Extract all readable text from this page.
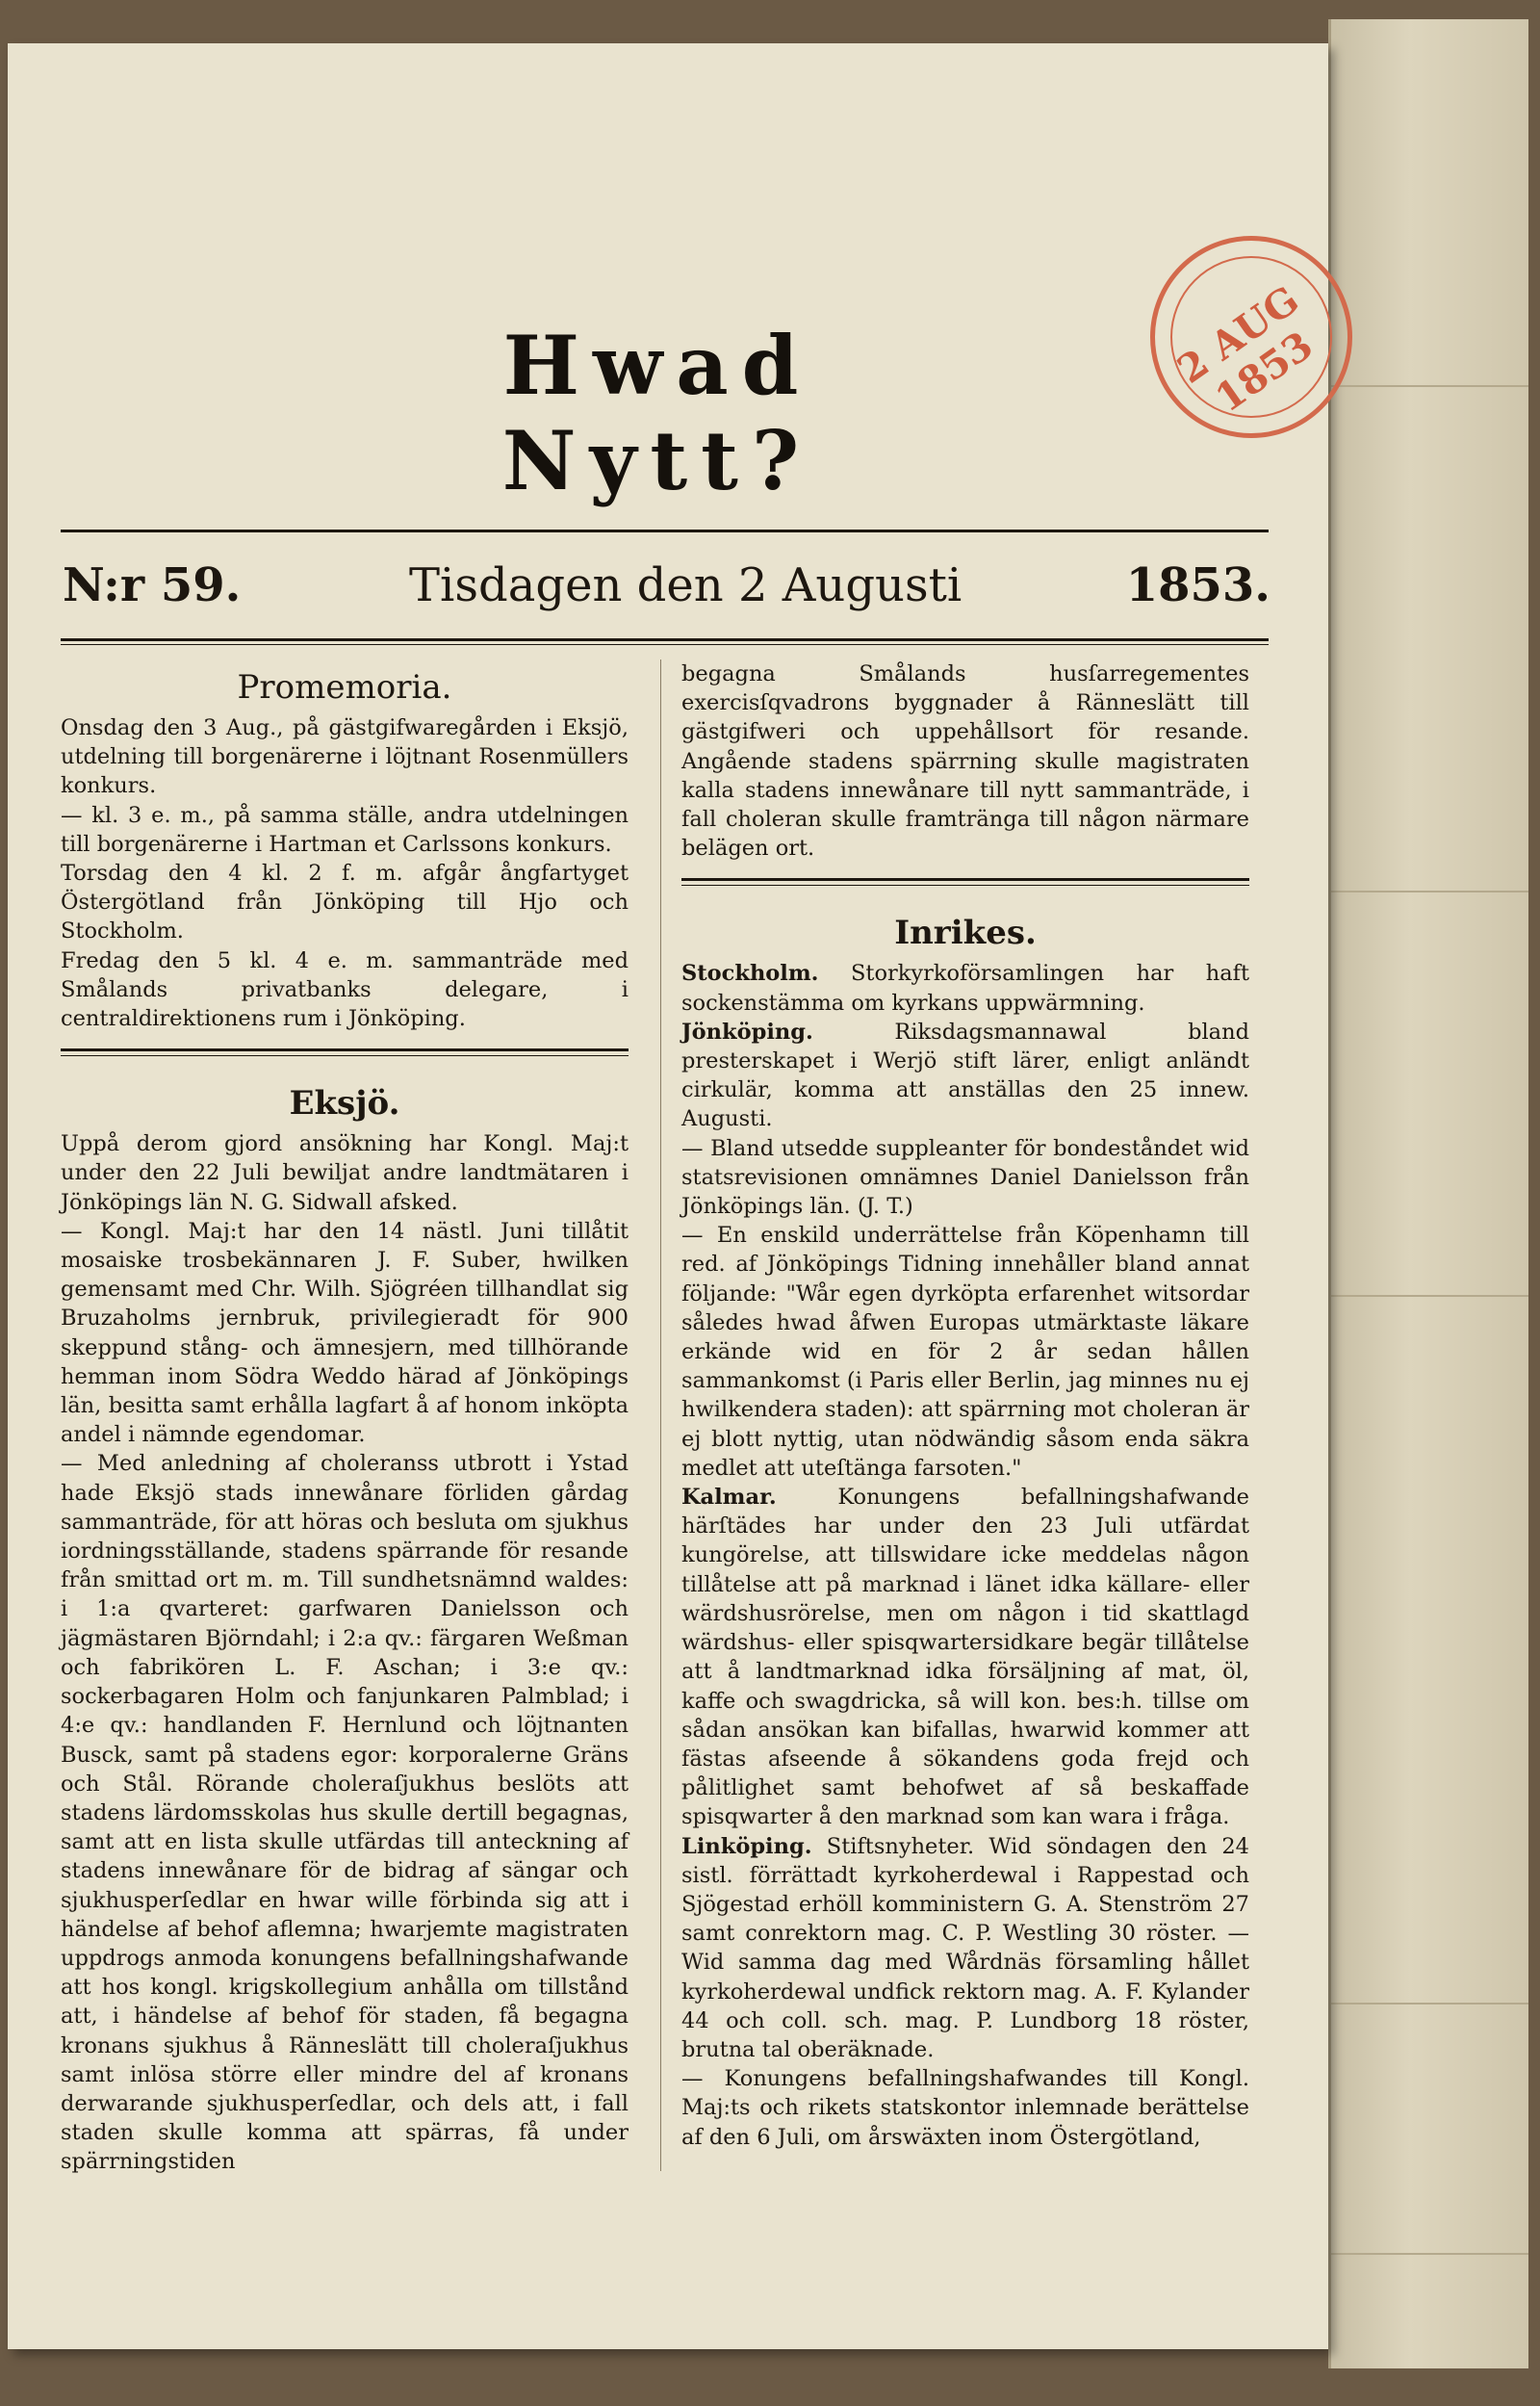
Hwad Nytt?
N:r 59.	Tisdagen den 2 Augusti	1853.
Promemoria.

Onsdag den 3 Aug., på gästgifwaregården i Eksjö, utdelning till borgenärerne i löjtnant Rosenmüllers konkurs.

— kl. 3 e. m., på samma ställe, andra utdelningen till borgenärerne i Hartman et Carlssons konkurs.

Torsdag den 4 kl. 2 f. m. afgår ångfartyget Östergötland från Jönköping till Hjo och Stockholm.

Fredag den 5 kl. 4 e. m. sammanträde med Smålands privatbanks delegare, i centraldirektionens rum i Jönköping.

Eksjö.

Uppå derom gjord ansökning har Kongl. Maj:t under den 22 Juli bewiljat andre landtmätaren i Jönköpings län N. G. Sidwall afsked.

— Kongl. Maj:t har den 14 nästl. Juni tillåtit mosaiske trosbekännaren J. F. Suber, hwilken gemensamt med Chr. Wilh. Sjögréen tillhandlat sig Bruzaholms jernbruk, privilegieradt för 900 skeppund stång- och ämnesjern, med tillhörande hemman inom Södra Weddo härad af Jönköpings län, besitta samt erhålla lagfart å af honom inköpta andel i nämnde egendomar.

— Med anledning af choleranss utbrott i Ystad hade Eksjö stads innewånare förliden gårdag sammanträde, för att höras och besluta om sjukhus iordningsställande, stadens spärrande för resande från smittad ort m. m. Till sundhetsnämnd waldes: i 1:a qvarteret: garfwaren Danielsson och jägmästaren Björndahl; i 2:a qv.: färgaren Weßman och fabrikören L. F. Aschan; i 3:e qv.: sockerbagaren Holm och fanjunkaren Palmblad; i 4:e qv.: handlanden F. Hernlund och löjtnanten Busck, samt på stadens egor: korporalerne Gräns och Stål. Rörande choleraſjukhus beslöts att stadens lärdomsskolas hus skulle dertill begagnas, samt att en lista skulle utfärdas till anteckning af stadens innewånare för de bidrag af sängar och sjukhusperſedlar en hwar wille förbinda sig att i händelse af behof aflemna; hwarjemte magistraten uppdrogs anmoda konungens befallningshafwande att hos kongl. krigskollegium anhålla om tillstånd att, i händelse af behof för staden, få begagna kronans sjukhus å Ränneslätt till choleraſjukhus samt inlösa större eller mindre del af kronans derwarande sjukhusperſedlar, och dels att, i fall staden skulle komma att spärras, få under spärrningstiden

begagna Smålands husſarregementes exercisſqvadrons byggnader å Ränneslätt till gästgifweri och uppehållsort för resande. Angående stadens spärrning skulle magistraten kalla stadens innewånare till nytt sammanträde, i fall choleran skulle framtränga till någon närmare belägen ort.

Inrikes.

Stockholm. Storkyrkoförsamlingen har haft sockenstämma om kyrkans uppwärmning.

Jönköping.	Riksdagsmannawal bland presterskapet i Werjö stift lärer, enligt anländt cirkulär, komma att anställas den 25 innew. Augusti.

— Bland utsedde suppleanter för bondeståndet wid statsrevisionen omnämnes Daniel Danielsson från Jönköpings län. (J. T.)

— En enskild underrättelse från Köpenhamn till red. af Jönköpings Tidning innehåller bland annat följande: "Wår egen dyrköpta erfarenhet witsordar således hwad åfwen Europas utmärktaste läkare erkände wid en för 2 år sedan hållen sammankomst (i Paris eller Berlin, jag minnes nu ej hwilkendera staden): att spärrning mot choleran är ej blott nyttig, utan nödwändig såsom enda säkra medlet att uteſtänga farsoten."

Kalmar.	Konungens befallningshafwande härſtädes har under den 23 Juli utfärdat kungörelse, att tillswidare icke meddelas någon tillåtelse att på marknad i länet idka källare- eller wärdshusrörelse, men om någon i tid skattlagd wärdshus- eller spisqwartersidkare begär tillåtelse att å landtmarknad idka försäljning af mat, öl, kaffe och swagdricka, så will kon. bes:h. tillse om sådan ansökan kan bifallas, hwarwid kommer att fästas afseende å sökandens goda frejd och pålitlighet samt behofwet af så beskaffade spisqwarter å den marknad som kan wara i fråga.

Linköping. Stiftsnyheter. Wid söndagen den 24 sistl. förrättadt kyrkoherdewal i Rappestad och Sjögestad erhöll komministern G. A. Stenström 27 samt conrektorn mag. C. P. Westling 30 röster. — Wid samma dag med Wårdnäs församling hållet kyrkoherdewal undfick rektorn mag. A. F. Kylander 44 och coll. sch. mag. P. Lundborg 18 röster, brutna tal oberäknade.

— Konungens befallningshafwandes till Kongl. Maj:ts och rikets statskontor inlemnade berättelse af den 6 Juli, om årswäxten inom Östergötland,

2 AUG 1853
